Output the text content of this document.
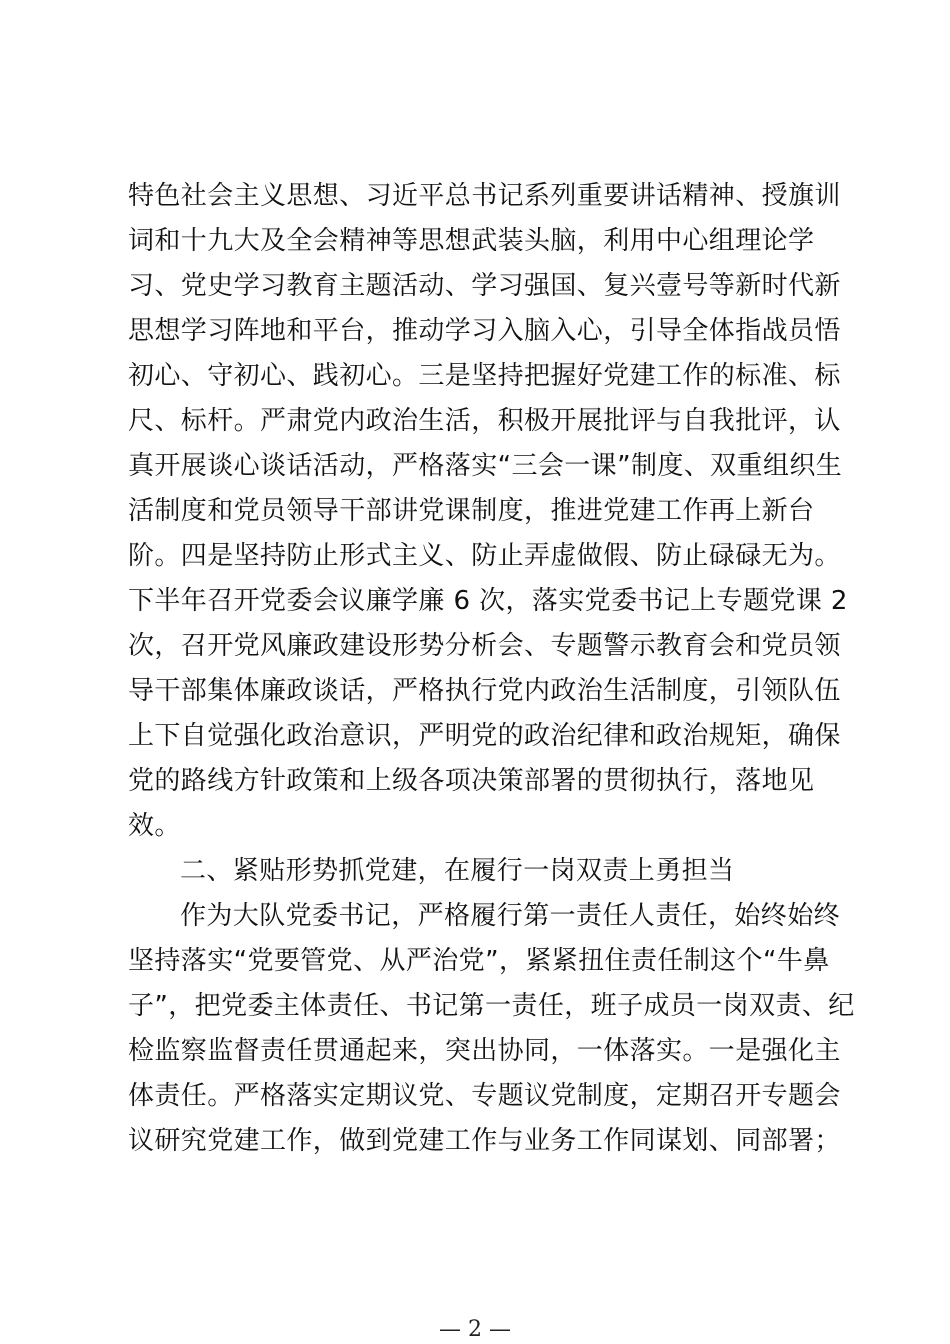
特色社会主义思想、习近平总书记系列重要讲话精神、授旗训
词和十九大及全会精神等思想武装头脑，利用中心组理论学
习、党史学习教育主题活动、学习强国、复兴壹号等新时代新
思想学习阵地和平台，推动学习入脑入心，引导全体指战员悟
初心、守初心、践初心。三是坚持把握好党建工作的标准、标
尺、标杆。严肃党内政治生活，积极开展批评与自我批评，认
真开展谈心谈话活动，严格落实“三会一课”制度、双重组织生
活制度和党员领导干部讲党课制度，推进党建工作再上新台
阶。四是坚持防止形式主义、防止弄虚做假、防止碌碌无为。
下半年召开党委会议廉学廉 6 次，落实党委书记上专题党课 2
次，召开党风廉政建设形势分析会、专题警示教育会和党员领
导干部集体廉政谈话，严格执行党内政治生活制度，引领队伍
上下自觉强化政治意识，严明党的政治纪律和政治规矩，确保
党的路线方针政策和上级各项决策部署的贯彻执行，落地见
效。
二、紧贴形势抓党建，在履行一岗双责上勇担当
作为大队党委书记，严格履行第一责任人责任，始终始终
坚持落实“党要管党、从严治党”，紧紧扭住责任制这个“牛鼻
子”，把党委主体责任、书记第一责任，班子成员一岗双责、纪
检监察监督责任贯通起来，突出协同，一体落实。一是强化主
体责任。严格落实定期议党、专题议党制度，定期召开专题会
议研究党建工作，做到党建工作与业务工作同谋划、同部署；
— 2 —
